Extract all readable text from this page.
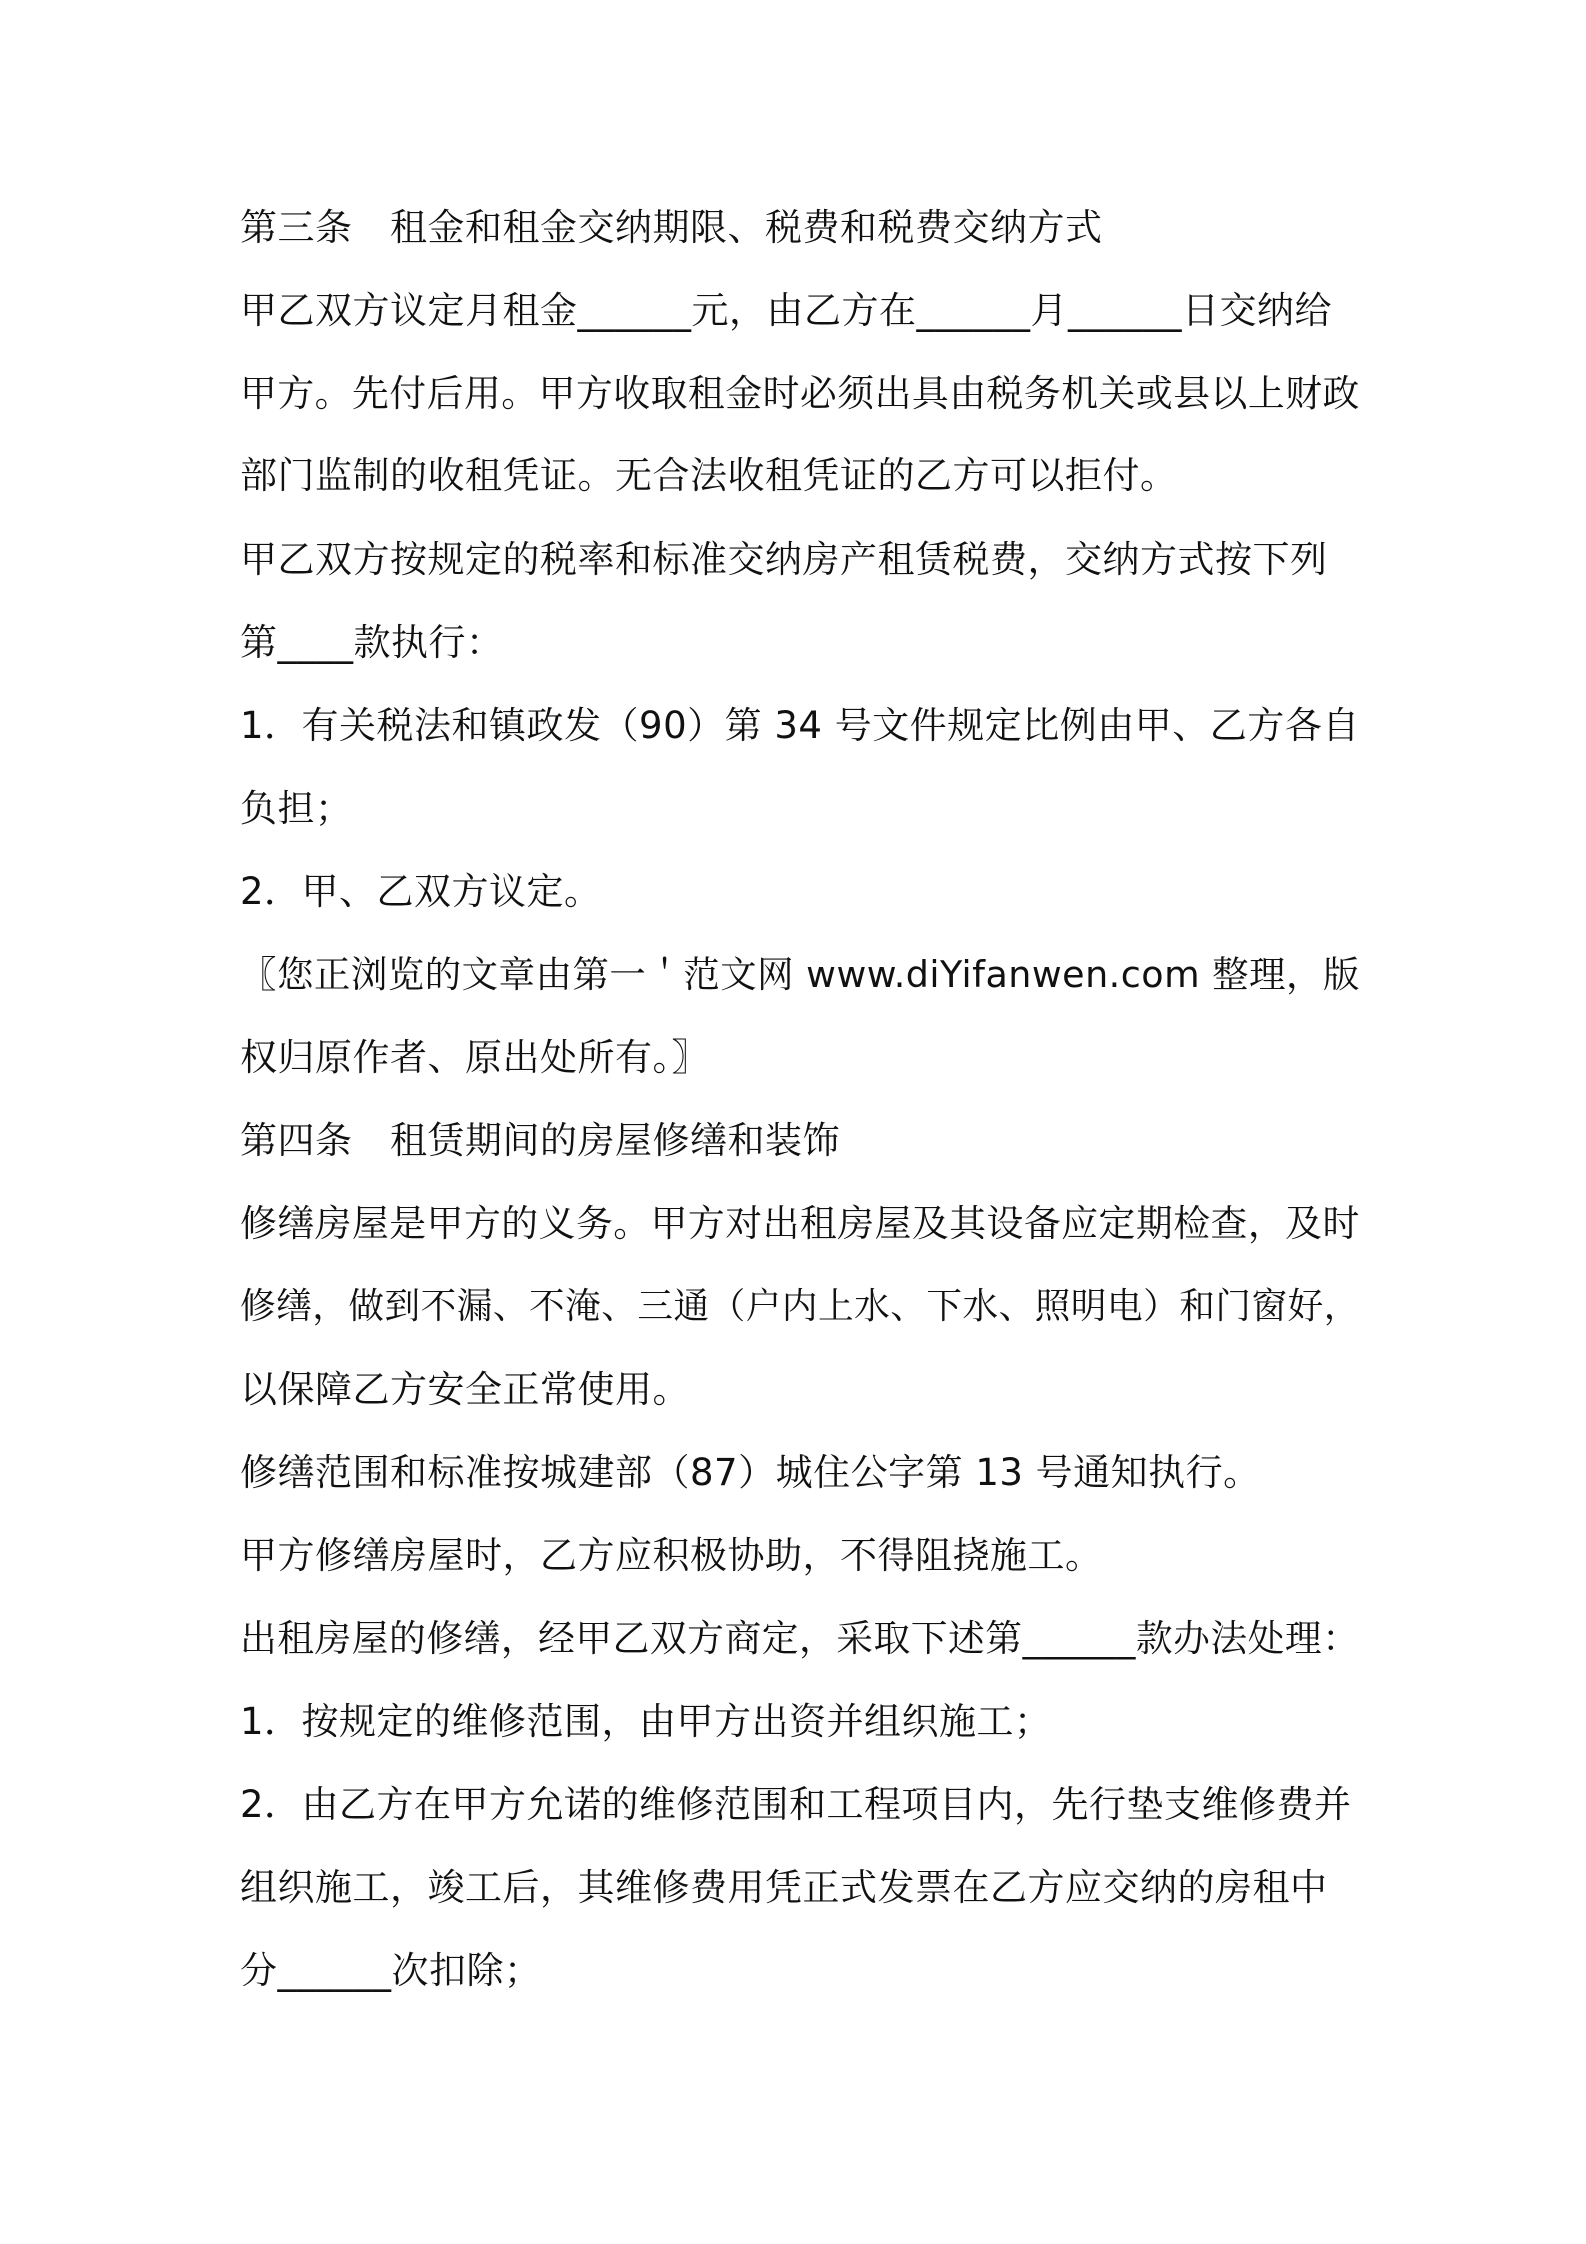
第三条　租金和租金交纳期限、税费和税费交纳方式
甲乙双方议定月租金______元，由乙方在______月______日交纳给
甲方。先付后用。甲方收取租金时必须出具由税务机关或县以上财政
部门监制的收租凭证。无合法收租凭证的乙方可以拒付。
甲乙双方按规定的税率和标准交纳房产租赁税费，交纳方式按下列
第____款执行：
1．有关税法和镇政发（90）第 34 号文件规定比例由甲、乙方各自
负担；
2．甲、乙双方议定。
〖您正浏览的文章由第一＇范文网 www.diYifanwen.com 整理，版
权归原作者、原出处所有。〗
第四条　租赁期间的房屋修缮和装饰
修缮房屋是甲方的义务。甲方对出租房屋及其设备应定期检查，及时
修缮，做到不漏、不淹、三通（户内上水、下水、照明电）和门窗好，
以保障乙方安全正常使用。
修缮范围和标准按城建部（87）城住公字第 13 号通知执行。
甲方修缮房屋时，乙方应积极协助，不得阻挠施工。
出租房屋的修缮，经甲乙双方商定，采取下述第______款办法处理：
1．按规定的维修范围，由甲方出资并组织施工；
2．由乙方在甲方允诺的维修范围和工程项目内，先行垫支维修费并
组织施工，竣工后，其维修费用凭正式发票在乙方应交纳的房租中
分______次扣除；
